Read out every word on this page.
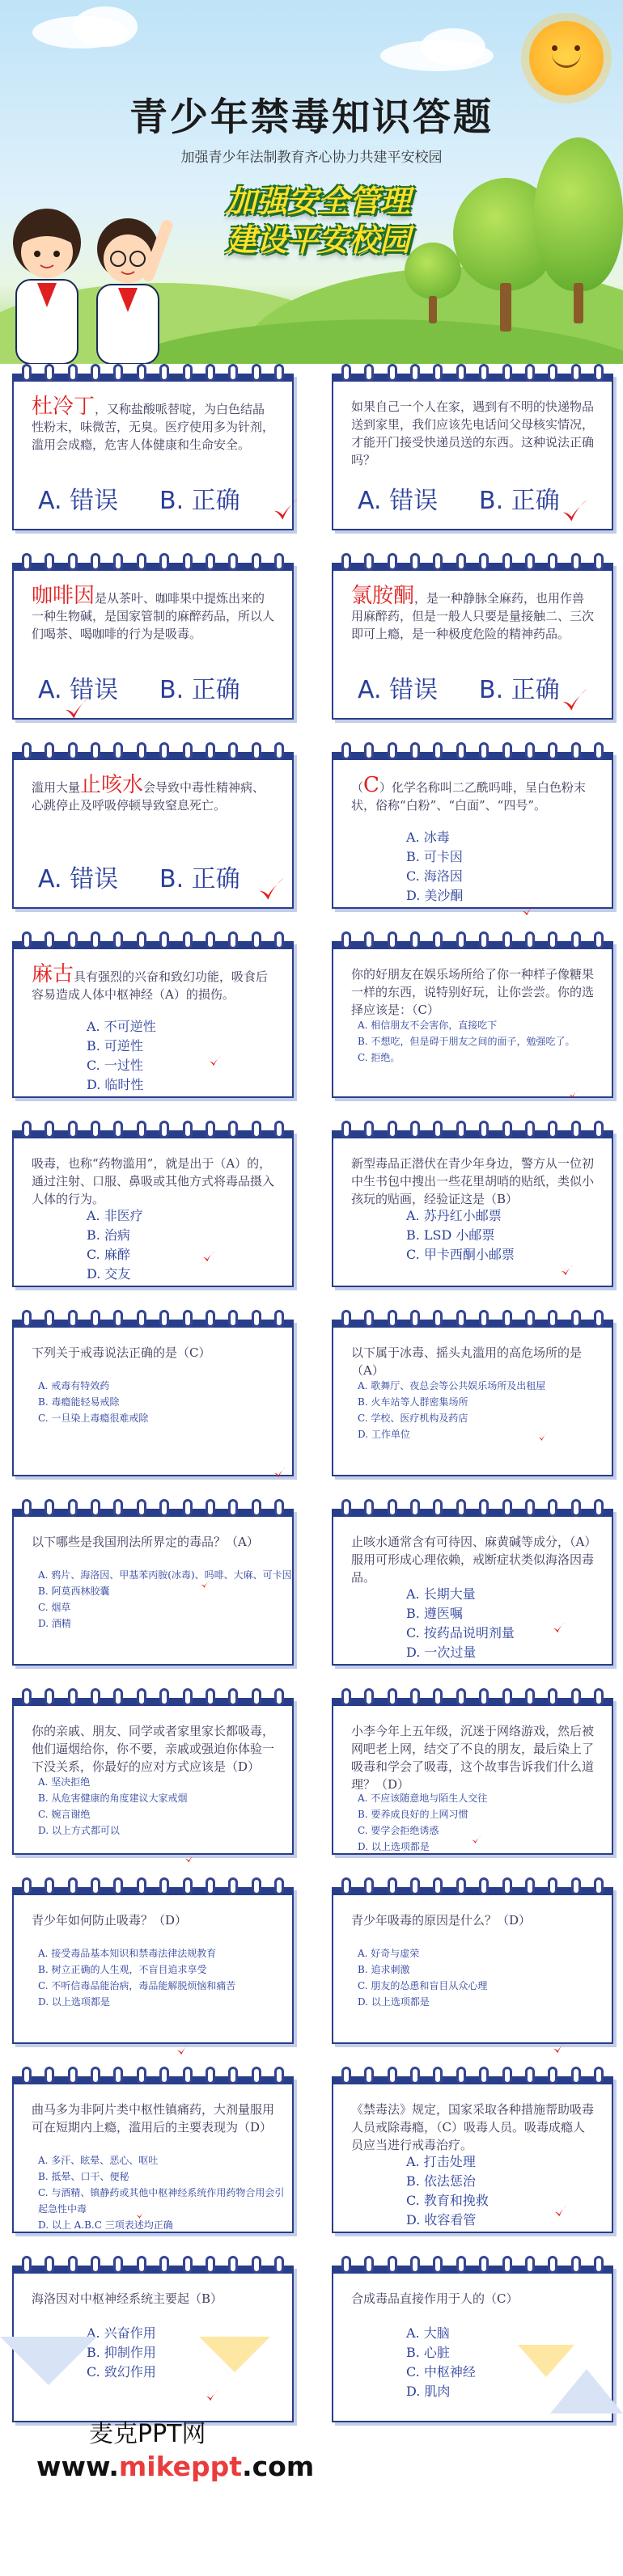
青少年禁毒知识答题
加强青少年法制教育齐心协力共建平安校园
加强安全管理
建设平安校园
杜冷丁，又称盐酸哌替啶，为白色结晶性粉末，味微苦，无臭。医疗使用多为针剂，滥用会成瘾，危害人体健康和生命安全。
A. 错误 B. 正确
如果自己一个人在家，遇到有不明的快递物品送到家里，我们应该先电话问父母核实情况，才能开门接受快递员送的东西。这种说法正确吗？
A. 错误 B. 正确
咖啡因是从茶叶、咖啡果中提炼出来的一种生物碱，是国家管制的麻醉药品，所以人们喝茶、喝咖啡的行为是吸毒。
A. 错误 B. 正确
氯胺酮，是一种静脉全麻药，也用作兽用麻醉药，但是一般人只要是量接触二、三次即可上瘾，是一种极度危险的精神药品。
A. 错误 B. 正确
滥用大量止咳水会导致中毒性精神病、心跳停止及呼吸停顿导致窒息死亡。
A. 错误 B. 正确
（C）化学名称叫二乙酰吗啡，呈白色粉末状，俗称“白粉”、“白面”、“四号”。
A. 冰毒
B. 可卡因
C. 海洛因
D. 美沙酮
麻古具有强烈的兴奋和致幻功能，吸食后容易造成人体中枢神经（A）的损伤。
A. 不可逆性
B. 可逆性
C. 一过性
D. 临时性
你的好朋友在娱乐场所给了你一种样子像糖果一样的东西，说特别好玩，让你尝尝。你的选择应该是：（C）
A. 相信朋友不会害你，直接吃下
B. 不想吃，但是碍于朋友之间的面子，勉强吃了。
C. 拒绝。
吸毒，也称“药物滥用”，就是出于（A）的，通过注射、口服、鼻吸或其他方式将毒品摄入人体的行为。
A. 非医疗
B. 治病
C. 麻醉
D. 交友
新型毒品正潜伏在青少年身边，警方从一位初中生书包中搜出一些花里胡哨的贴纸，类似小孩玩的贴画，经验证这是（B）
A. 苏丹红小邮票
B. LSD 小邮票
C. 甲卡西酮小邮票
下列关于戒毒说法正确的是（C）
A. 戒毒有特效药
B. 毒瘾能轻易戒除
C. 一旦染上毒瘾很难戒除
以下属于冰毒、摇头丸滥用的高危场所的是（A）
A. 歌舞厅、夜总会等公共娱乐场所及出租屋
B. 火车站等人群密集场所
C. 学校、医疗机构及药店
D. 工作单位
以下哪些是我国刑法所界定的毒品？（A）
A. 鸦片、海洛因、甲基苯丙胺(冰毒)、吗啡、大麻、可卡因
B. 阿莫西林胶囊
C. 烟草
D. 酒精
止咳水通常含有可待因、麻黄碱等成分，（A）服用可形成心理依赖，戒断症状类似海洛因毒品。
A. 长期大量
B. 遵医嘱
C. 按药品说明剂量
D. 一次过量
你的亲戚、朋友、同学或者家里家长都吸毒，他们逼烟给你，你不要，亲戚或强迫你体验一下没关系，你最好的应对方式应该是（D）
A. 坚决拒绝
B. 从危害健康的角度建议大家戒烟
C. 婉言谢绝
D. 以上方式都可以
小李今年上五年级，沉迷于网络游戏，然后被网吧老上网，结交了不良的朋友，最后染上了吸毒和学会了吸毒，这个故事告诉我们什么道理？（D）
A. 不应该随意地与陌生人交往
B. 要养成良好的上网习惯
C. 要学会拒绝诱惑
D. 以上选项都是
青少年如何防止吸毒？（D）
A. 接受毒品基本知识和禁毒法律法规教育
B. 树立正确的人生观，不盲目追求享受
C. 不听信毒品能治病，毒品能解脱烦恼和痛苦
D. 以上选项都是
青少年吸毒的原因是什么？（D）
A. 好奇与虚荣
B. 追求刺激
C. 朋友的怂恿和盲目从众心理
D. 以上选项都是
曲马多为非阿片类中枢性镇痛药，大剂量服用可在短期内上瘾，滥用后的主要表现为（D）
A. 多汗、眩晕、恶心、呕吐
B. 抵晕、口干、便秘
C. 与酒精、镇静药或其他中枢神经系统作用药物合用会引起急性中毒
D. 以上 A.B.C 三项表述均正确
《禁毒法》规定，国家采取各种措施帮助吸毒人员戒除毒瘾，（C）吸毒人员。吸毒成瘾人员应当进行戒毒治疗。
A. 打击处理
B. 依法惩治
C. 教育和挽救
D. 收容看管
海洛因对中枢神经系统主要起（B）
A. 兴奋作用
B. 抑制作用
C. 致幻作用
合成毒品直接作用于人的（C）
A. 大脑
B. 心脏
C. 中枢神经
D. 肌肉
麦克PPT网
www.mikeppt.com
